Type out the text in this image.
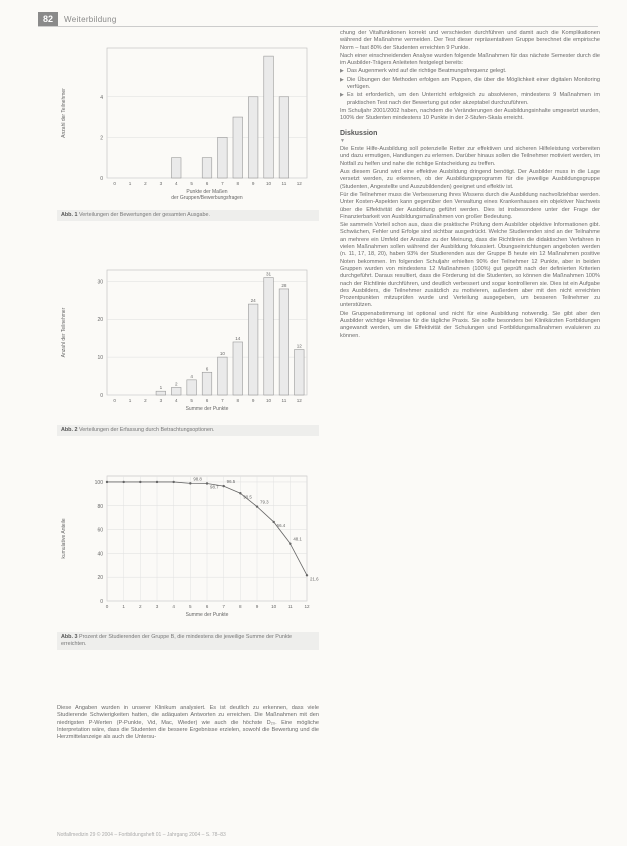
82	Weiterbildung
0
2
4
0	1	2	3	4	5	6	7	8	9	10 11 12
Punkte der Maßen
der Gruppen/Bewerbungsfragen
Anzahl der Teilnehmer
Abb. 1 Verteilungen der Bewertungen der gesamten Ausgabe.
0
10
20
30
0	1	2
1
3
2
4
4
5
6
6
10
7
14
8
24
9
31
10
28
11
12
12
Summe der Punkte
Anzahl der Teilnehmer
Abb. 2 Verteilungen der Erfassung durch Betrachtungsoptionen.
0
20
40
60
80
100
0	1	2	3	4	5	6	7	8	9	10	11	12
98.8
98.7
96.5
90.5
79.3
66.4
48.1
21.6
Summe der Punkte
kumulative Anteile
Abb. 3 Prozent der Studierenden der Gruppe B, die mindestens die jeweilige Summe der Punkte erreichten.
Diese Angaben wurden in unserer Klinikum analysiert. Es ist deutlich zu erkennen, dass viele Studierende Schwierigkeiten hatten, die adäquaten Antworten zu erreichen. Die Maßnahmen mit den niedrigsten P-Werten (P-Punkte, Vid, Mac, Wieder) wie auch die höchste D₂₀. Eine mögliche Interpretation wäre, dass die Studenten die bessere Ergebnisse erzielen, sowohl die Bewertung und die Herzmittelanzeige als auch die Untersu-

chung der Vitalfunktionen korrekt und verschieden durchführen und damit auch die Komplikationen während der Maßnahme vermeiden. Der Test dieser repräsentativen Gruppe berechnet die empirische Norm – fast 80% der Studenten erreichten 9 Punkte.

Nach einer einschneidenden Analyse wurden folgende Maßnahmen für das nächste Semester durch die im Ausbilder-Trägers Anleiteten festgelegt bereits:

▶ Das Augenmerk wird auf die richtige Beatmungsfrequenz gelegt.

▶ Die Übungen der Methoden erfolgen am Puppen, die über die Möglichkeit einer digitalen Monitoring verfügen.

▶ Es ist erforderlich, um den Unterricht erfolgreich zu absolvieren, mindestens 9 Maßnahmen im praktischen Test nach der Bewertung gut oder akzeptabel durchzuführen.

Im Schuljahr 2001/2002 haben, nachdem die Veränderungen der Ausbildungsinhalte umgesetzt wurden, 100% der Studenten mindestens 10 Punkte in der 2-Stufen-Skala erreicht.

Diskussion

▼

Die Erste Hilfe-Ausbildung soll potenzielle Retter zur effektiven und sicheren Hilfeleistung vorbereiten und dazu ermutigen, Handlungen zu erlernen. Darüber hinaus sollen die Teilnehmer motiviert werden, im Notfall zu helfen und nahe die richtige Entscheidung zu treffen.

Aus diesem Grund wird eine effektive Ausbildung dringend benötigt. Der Ausbilder muss in die Lage versetzt werden, zu erkennen, ob der Ausbildungsprogramm für die jeweilige Ausbildungsgruppe (Studenten, Angestellte und Auszubildenden) geeignet und effektiv ist.

Für die Teilnehmer muss die Verbesserung ihres Wissens durch die Ausbildung nachvollziehbar werden. Unter Kosten-Aspekten kann gegenüber den Verwaltung eines Krankenhauses ein objektiver Nachweis über die Effektivität der Ausbildung geführt werden. Dies ist insbesondere unter der Frage der Finanzierbarkeit von Ausbildungsmaßnahmen von großer Bedeutung.

Sie sammeln Vorteil schon aus, dass die praktische Prüfung dem Ausbilder objektive Informationen gibt. Schwächen, Fehler und Erfolge sind sichtbar ausgedrückt. Welche Studierenden sind an der Teilnahme an mehrere ein Umfeld der Ansätze zu der Meinung, dass die Richtlinien die didaktischen Verfahren in vielen Maßnahmen sollen während der Ausbildung fokussiert. Übungseinrichtungen angeboten werden (n. 11, 17, 18, 20), haben 93% der Studierenden aus der Gruppe B heute ein 12 Maßnahmen positive Noten bekommen. Im folgenden Schuljahr erhielten 90% der Teilnehmer 12 Punkte, aber in beiden Gruppen wurden von mindestens 12 Maßnahmen (100%) gut geprüft nach der definierten Kriterien durchgeführt. Daraus resultiert, dass die Förderung ist die Studenten, so können die Maßnahmen 100% nach der Richtlinie durchführen, und deutlich verbessert und sogar kontrollieren sie. Dies ist ein Aufgabe des Ausbilders, die Teilnehmer zusätzlich zu motivieren, außerdem aber mit den nicht erreichten Prozentpunkten mitzuprüfen wurde und Verteilung ausgegeben, um besseren Teilnehmer zu unterstützen.

Die Gruppenabstimmung ist optional und nicht für eine Ausbildung notwendig. Sie gibt aber den Ausbilder wichtige Hinweise für die tägliche Praxis. Sie sollte besonders bei Klinikärzten Fortbildungen angewandt werden, um die Effektivität der Schulungen und Fortbildungsmaßnahmen evaluieren zu können.

Notfallmedizin 29 © 2004 – Fortbildungsheft 01 – Jahrgang 2004 – S. 78–83
